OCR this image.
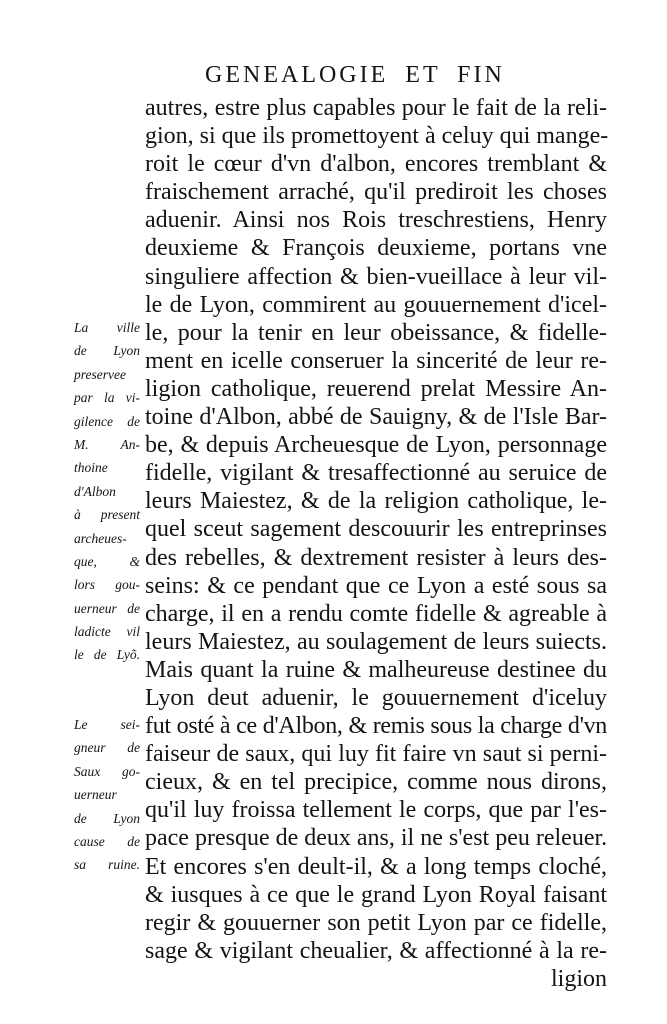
GENEALOGIE ET FIN
autres, estre plus capables pour le fait de la reli-
gion, si que ils promettoyent à celuy qui mange-
roit le cœur d'vn d'albon, encores tremblant &
fraischement arraché, qu'il prediroit les choses
aduenir. Ainsi nos Rois treschrestiens, Henry
deuxieme & François deuxieme, portans vne
singuliere affection & bien-vueillace à leur vil-
le de Lyon, commirent au gouuernement d'icel-
le, pour la tenir en leur obeissance, & fidelle-
ment en icelle conseruer la sincerité de leur re-
ligion catholique, reuerend prelat Messire An-
toine d'Albon, abbé de Sauigny, & de l'Isle Bar-
be, & depuis Archeuesque de Lyon, personnage
fidelle, vigilant & tresaffectionné au seruice de
leurs Maiestez, & de la religion catholique, le-
quel sceut sagement descouurir les entreprinses
des rebelles, & dextrement resister à leurs des-
seins: & ce pendant que ce Lyon a esté sous sa
charge, il en a rendu comte fidelle & agreable à
leurs Maiestez, au soulagement de leurs suiects.
Mais quant la ruine & malheureuse destinee du
Lyon deut aduenir, le gouuernement d'iceluy
fut osté à ce d'Albon, & remis sous la charge d'vn
faiseur de saux, qui luy fit faire vn saut si perni-
cieux, & en tel precipice, comme nous dirons,
qu'il luy froissa tellement le corps, que par l'es-
pace presque de deux ans, il ne s'est peu releuer.
Et encores s'en deult-il, & a long temps cloché,
& iusques à ce que le grand Lyon Royal faisant
regir & gouuerner son petit Lyon par ce fidelle,
sage & vigilant cheualier, & affectionné à la re-
ligion
La ville
de Lyon
preservee
par la vi-
gilence de
M. An-
thoine
d'Albon
à present
archeues-
que, &
lors gou-
uerneur de
ladicte vil
le de Lyõ.
Le sei-
gneur de
Saux go-
uerneur
de Lyon
cause de
sa ruine.
